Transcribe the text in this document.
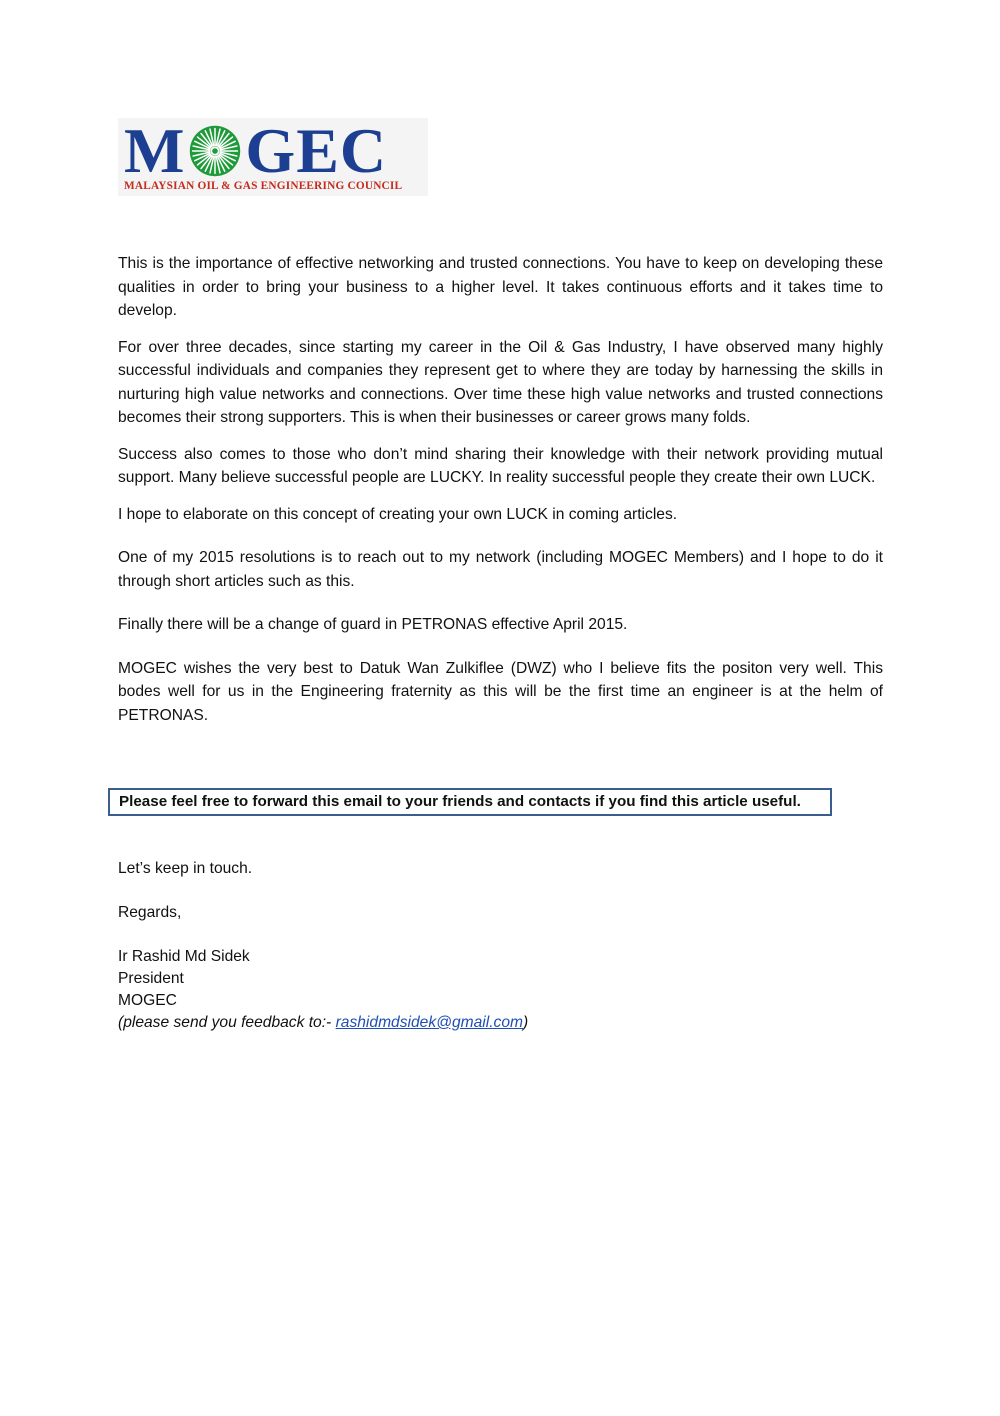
M GEC
MALAYSIAN OIL & GAS ENGINEERING COUNCIL

This is the importance of effective networking and trusted connections. You have to keep on developing these qualities in order to bring your business to a higher level. It takes continuous efforts and it takes time to develop.

For over three decades, since starting my career in the Oil & Gas Industry, I have observed many highly successful individuals and companies they represent get to where they are today by harnessing the skills in nurturing high value networks and connections. Over time these high value networks and trusted connections becomes their strong supporters. This is when their businesses or career grows many folds.

Success also comes to those who don’t mind sharing their knowledge with their network providing mutual support. Many believe successful people are LUCKY. In reality successful people they create their own LUCK.

I hope to elaborate on this concept of creating your own LUCK in coming articles.

One of my 2015 resolutions is to reach out to my network (including MOGEC Members) and I hope to do it through short articles such as this.

Finally there will be a change of guard in PETRONAS effective April 2015.

MOGEC wishes the very best to Datuk Wan Zulkiflee (DWZ) who I believe fits the positon very well. This bodes well for us in the Engineering fraternity as this will be the first time an engineer is at the helm of PETRONAS.

Please feel free to forward this email to your friends and contacts if you find this article useful.
Let’s keep in touch.
Regards,
Ir Rashid Md Sidek
President
MOGEC
(please send you feedback to:- rashidmdsidek@gmail.com)
